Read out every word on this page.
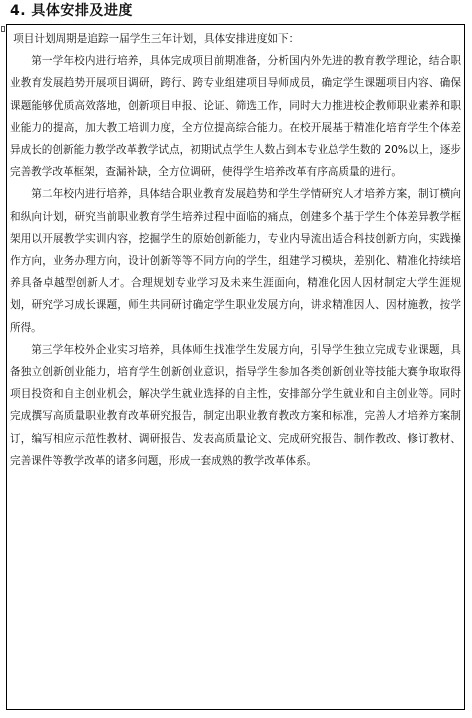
4. 具体安排及进度

项目计划周期是追踪一届学生三年计划，具体安排进度如下：

第一学年校内进行培养，具体完成项目前期准备，分析国内外先进的教育教学理论，结合职业教育发展趋势开展项目调研，跨行、跨专业组建项目导师成员，确定学生课题项目内容、确保课题能够优质高效落地，创新项目申报、论证、筛选工作，同时大力推进校企教师职业素养和职业能力的提高，加大教工培训力度，全方位提高综合能力。在校开展基于精准化培育学生个体差异成长的创新能力教学改革教学试点，初期试点学生人数占到本专业总学生数的 20%以上，逐步完善教学改革框架，查漏补缺，全方位调研，使得学生培养改革有序高质量的进行。

第二年校内进行培养，具体结合职业教育发展趋势和学生学情研究人才培养方案，制订横向和纵向计划，研究当前职业教育学生培养过程中面临的痛点，创建多个基于学生个体差异教学框架用以开展教学实训内容，挖掘学生的原始创新能力，专业内导流出适合科技创新方向，实践操作方向，业务办理方向，设计创新等等不同方向的学生，组建学习模块，差别化、精准化持续培养具备卓越型创新人才。合理规划专业学习及未来生涯面向，精准化因人因材制定大学生涯规划，研究学习成长课题，师生共同研讨确定学生职业发展方向，讲求精准因人、因材施教，按学所得。

第三学年校外企业实习培养，具体师生找准学生发展方向，引导学生独立完成专业课题，具备独立创新创业能力，培育学生创新创业意识，指导学生参加各类创新创业等技能大赛争取取得项目投资和自主创业机会，解决学生就业选择的自主性，安排部分学生就业和自主创业等。同时完成撰写高质量职业教育改革研究报告，制定出职业教育教改方案和标准，完善人才培养方案制订，编写相应示范性教材、调研报告、发表高质量论文、完成研究报告、制作教改、修订教材、完善课件等教学改革的诸多问题，形成一套成熟的教学改革体系。
